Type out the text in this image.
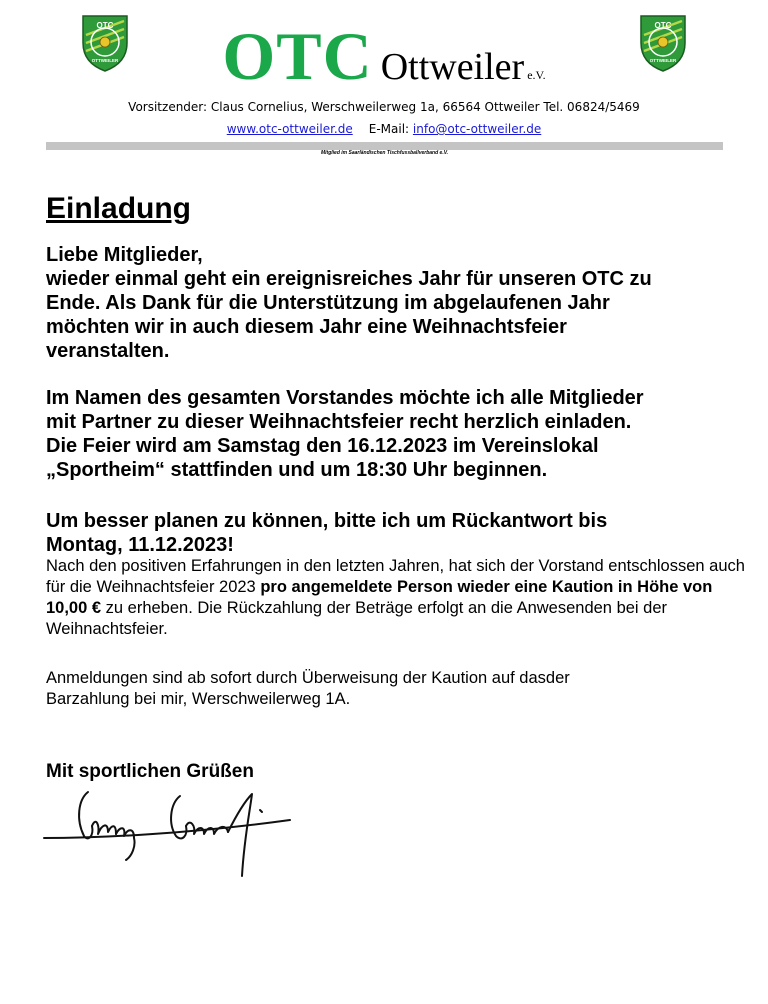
OTC
OTTWEILER
OTC
OTTWEILER
OTC Ottweiler e.V.
Vorsitzender: Claus Cornelius, Werschweilerweg 1a, 66564 Ottweiler Tel. 06824/5469
www.otc-ottweiler.de E-Mail: info@otc-ottweiler.de
Mitglied im Saarländischen Tischfussballverband e.V.
Einladung
Liebe Mitglieder,
wieder einmal geht ein ereignisreiches Jahr für unseren OTC zu
Ende. Als Dank für die Unterstützung im abgelaufenen Jahr
möchten wir in auch diesem Jahr eine Weihnachtsfeier
veranstalten.
Im Namen des gesamten Vorstandes möchte ich alle Mitglieder
mit Partner zu dieser Weihnachtsfeier recht herzlich einladen.
Die Feier wird am Samstag den 16.12.2023 im Vereinslokal
„Sportheim“ stattfinden und um 18:30 Uhr beginnen.
Um besser planen zu können, bitte ich um Rückantwort bis
Montag, 11.12.2023!
Nach den positiven Erfahrungen in den letzten Jahren, hat sich der Vorstand entschlossen auch für die Weihnachtsfeier 2023 pro angemeldete Person wieder eine Kaution in Höhe von 10,00 € zu erheben. Die Rückzahlung der Beträge erfolgt an die Anwesenden bei der Weihnachtsfeier.
Anmeldungen sind ab sofort durch Überweisung der Kaution auf dasder
Barzahlung bei mir, Werschweilerweg 1A.
Mit sportlichen Grüßen
